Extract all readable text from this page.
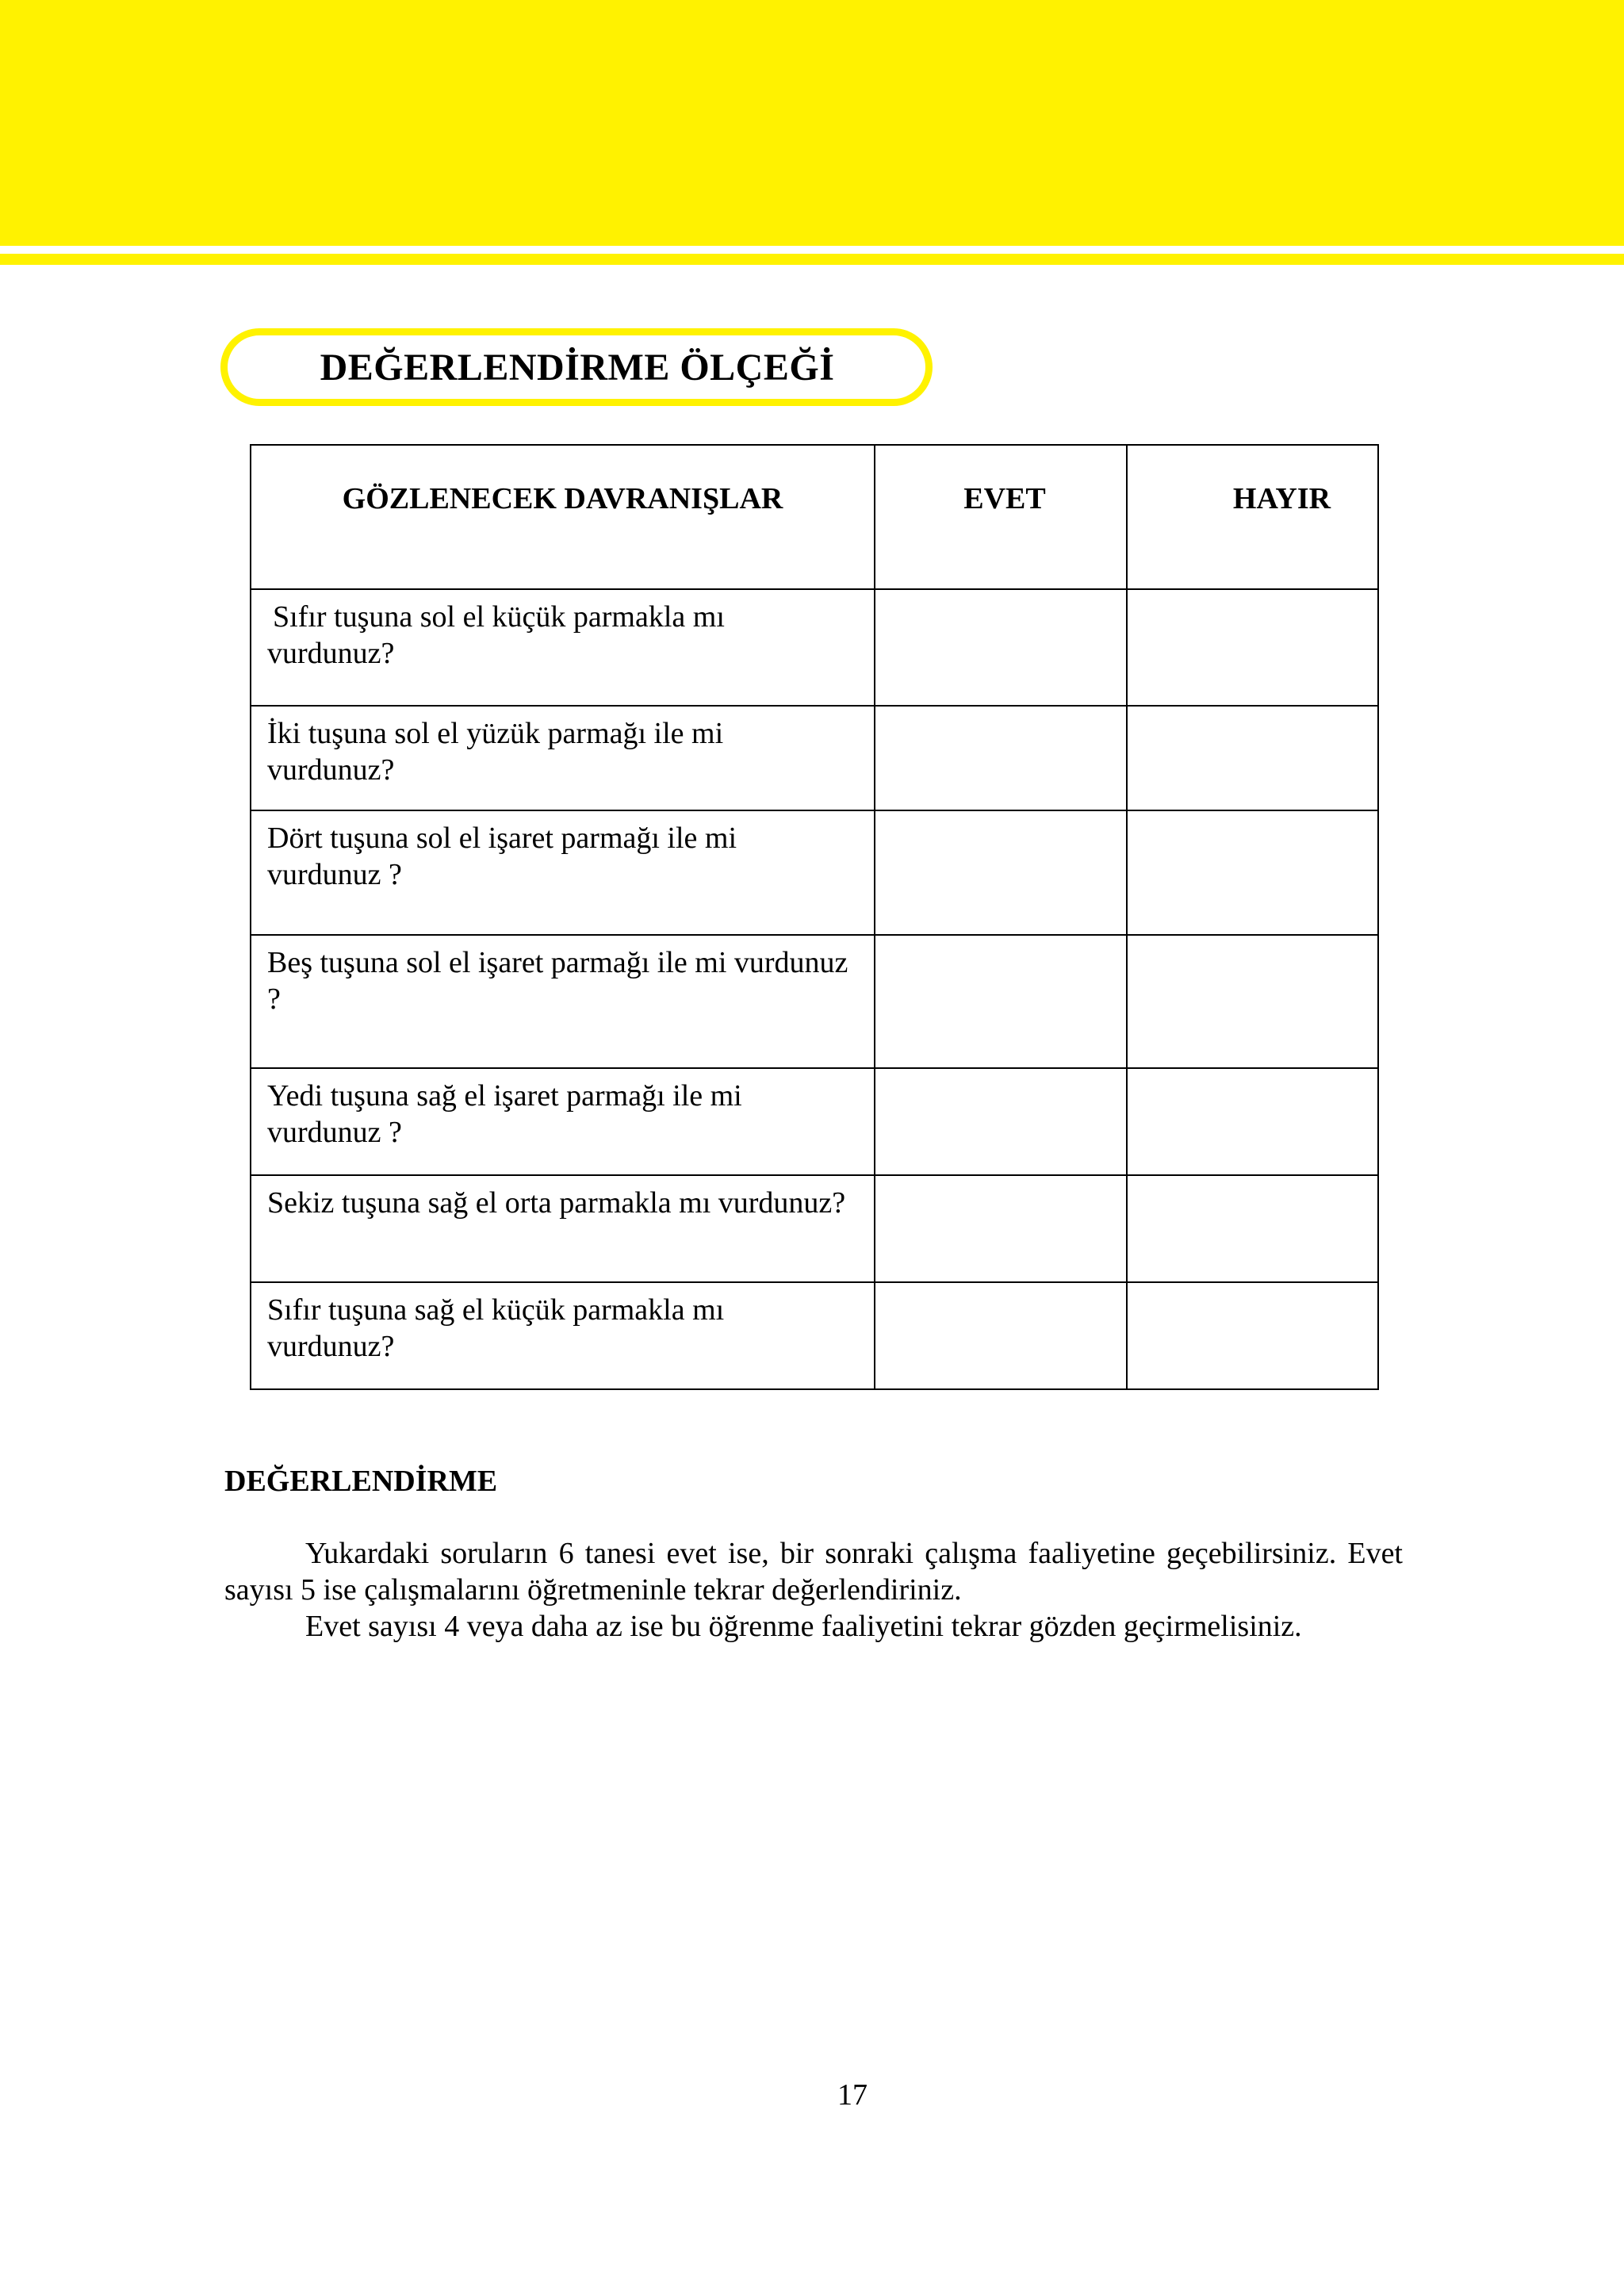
DEĞERLENDİRME ÖLÇEĞİ
GÖZLENECEK DAVRANIŞLAR	EVET	HAYIR
Sıfır tuşuna sol el küçük parmakla mı vurdunuz?		
İki tuşuna sol el yüzük parmağı ile mi vurdunuz?		
Dört tuşuna sol el işaret parmağı ile mi vurdunuz ?		
Beş tuşuna sol el işaret parmağı ile mi vurdunuz ?		
Yedi tuşuna sağ el işaret parmağı ile mi vurdunuz ?		
Sekiz tuşuna sağ el orta parmakla mı vurdunuz?		
Sıfır tuşuna sağ el küçük parmakla mı vurdunuz?		
DEĞERLENDİRME

Yukardaki soruların 6 tanesi evet ise, bir sonraki çalışma faaliyetine geçebilirsiniz. Evet sayısı 5 ise çalışmalarını öğretmeninle tekrar değerlendiriniz.

Evet sayısı 4 veya daha az ise bu öğrenme faaliyetini tekrar gözden geçirmelisiniz.

17
